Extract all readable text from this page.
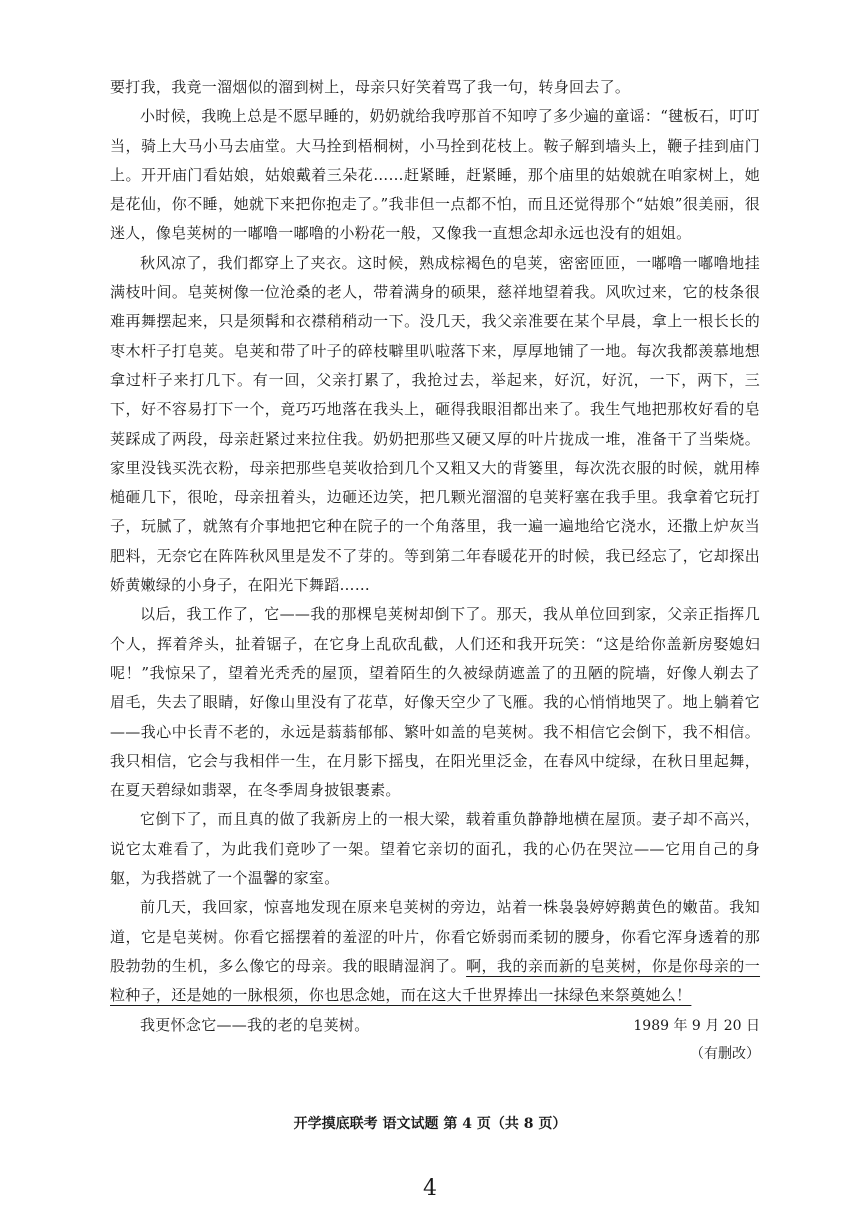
要打我，我竟一溜烟似的溜到树上，母亲只好笑着骂了我一句，转身回去了。

小时候，我晚上总是不愿早睡的，奶奶就给我哼那首不知哼了多少遍的童谣：“毽板石，叮叮当，骑上大马小马去庙堂。大马拴到梧桐树，小马拴到花枝上。鞍子解到墙头上，鞭子挂到庙门上。开开庙门看姑娘，姑娘戴着三朵花……赶紧睡，赶紧睡，那个庙里的姑娘就在咱家树上，她是花仙，你不睡，她就下来把你抱走了。”我非但一点都不怕，而且还觉得那个“姑娘”很美丽，很迷人，像皂荚树的一嘟噜一嘟噜的小粉花一般，又像我一直想念却永远也没有的姐姐。

秋风凉了，我们都穿上了夹衣。这时候，熟成棕褐色的皂荚，密密匝匝，一嘟噜一嘟噜地挂满枝叶间。皂荚树像一位沧桑的老人，带着满身的硕果，慈祥地望着我。风吹过来，它的枝条很难再舞摆起来，只是须髯和衣襟稍稍动一下。没几天，我父亲准要在某个早晨，拿上一根长长的枣木杆子打皂荚。皂荚和带了叶子的碎枝噼里叭啦落下来，厚厚地铺了一地。每次我都羡慕地想拿过杆子来打几下。有一回，父亲打累了，我抢过去，举起来，好沉，好沉，一下，两下，三下，好不容易打下一个，竟巧巧地落在我头上，砸得我眼泪都出来了。我生气地把那枚好看的皂荚踩成了两段，母亲赶紧过来拉住我。奶奶把那些又硬又厚的叶片拢成一堆，准备干了当柴烧。家里没钱买洗衣粉，母亲把那些皂荚收拾到几个又粗又大的背篓里，每次洗衣服的时候，就用棒槌砸几下，很呛，母亲扭着头，边砸还边笑，把几颗光溜溜的皂荚籽塞在我手里。我拿着它玩打子，玩腻了，就煞有介事地把它种在院子的一个角落里，我一遍一遍地给它浇水，还撒上炉灰当肥料，无奈它在阵阵秋风里是发不了芽的。等到第二年春暖花开的时候，我已经忘了，它却探出娇黄嫩绿的小身子，在阳光下舞蹈……

以后，我工作了，它——我的那棵皂荚树却倒下了。那天，我从单位回到家，父亲正指挥几个人，挥着斧头，扯着锯子，在它身上乱砍乱截，人们还和我开玩笑：“这是给你盖新房娶媳妇呢！”我惊呆了，望着光秃秃的屋顶，望着陌生的久被绿荫遮盖了的丑陋的院墙，好像人剃去了眉毛，失去了眼睛，好像山里没有了花草，好像天空少了飞雁。我的心悄悄地哭了。地上躺着它——我心中长青不老的，永远是蓊蓊郁郁、繁叶如盖的皂荚树。我不相信它会倒下，我不相信。我只相信，它会与我相伴一生，在月影下摇曳，在阳光里泛金，在春风中绽绿，在秋日里起舞，在夏天碧绿如翡翠，在冬季周身披银裹素。

它倒下了，而且真的做了我新房上的一根大梁，载着重负静静地横在屋顶。妻子却不高兴，说它太难看了，为此我们竟吵了一架。望着它亲切的面孔，我的心仍在哭泣——它用自己的身躯，为我搭就了一个温馨的家室。

前几天，我回家，惊喜地发现在原来皂荚树的旁边，站着一株袅袅婷婷鹅黄色的嫩苗。我知道，它是皂荚树。你看它摇摆着的羞涩的叶片，你看它娇弱而柔韧的腰身，你看它浑身透着的那股勃勃的生机，多么像它的母亲。我的眼睛湿润了。啊，我的亲而新的皂荚树，你是你母亲的一粒种子，还是她的一脉根须，你也思念她，而在这大千世界捧出一抹绿色来祭奠她么！

我更怀念它——我的老的皂荚树。	1989 年 9 月 20 日
（有删改）
开学摸底联考 语文试题 第 4 页（共 8 页）
4
